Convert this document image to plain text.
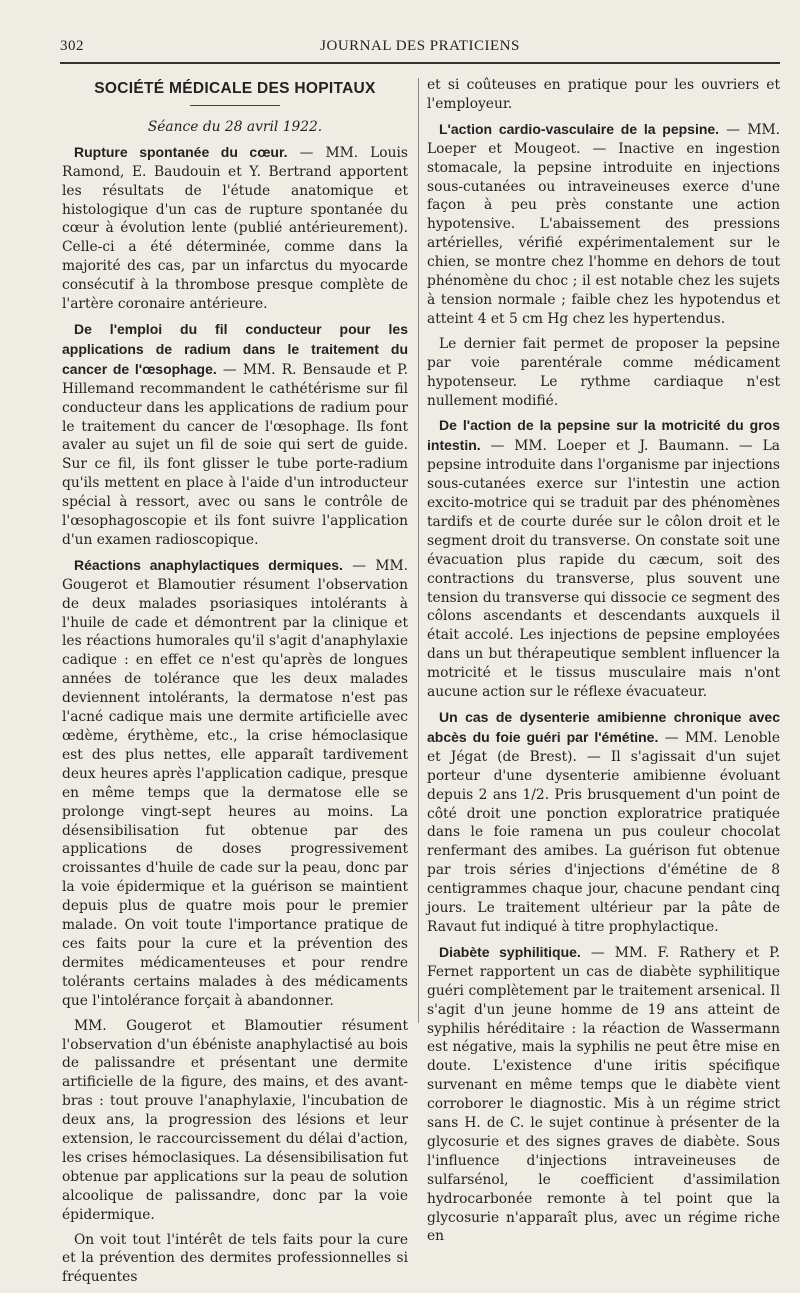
302	JOURNAL DES PRATICIENS
SOCIÉTÉ MÉDICALE DES HOPITAUX
Séance du 28 avril 1922.

Rupture spontanée du cœur. — MM. Louis Ramond, E. Baudouin et Y. Bertrand apportent les résultats de l'étude anatomique et histologique d'un cas de rupture spontanée du cœur à évolution lente (publié antérieurement). Celle-ci a été déterminée, comme dans la majorité des cas, par un infarctus du myocarde consécutif à la thrombose presque complète de l'artère coronaire antérieure.

De l'emploi du fil conducteur pour les applications de radium dans le traitement du cancer de l'œsophage. — MM. R. Bensaude et P. Hillemand recommandent le cathétérisme sur fil conducteur dans les applications de radium pour le traitement du cancer de l'œsophage. Ils font avaler au sujet un fil de soie qui sert de guide. Sur ce fil, ils font glisser le tube porte-radium qu'ils mettent en place à l'aide d'un introducteur spécial à ressort, avec ou sans le contrôle de l'œsophagoscopie et ils font suivre l'application d'un examen radioscopique.

Réactions anaphylactiques dermiques. — MM. Gougerot et Blamoutier résument l'observation de deux malades psoriasiques intolérants à l'huile de cade et démontrent par la clinique et les réactions humorales qu'il s'agit d'anaphylaxie cadique : en effet ce n'est qu'après de longues années de tolérance que les deux malades deviennent intolérants, la dermatose n'est pas l'acné cadique mais une dermite artificielle avec œdème, érythème, etc., la crise hémoclasique est des plus nettes, elle apparaît tardivement deux heures après l'application cadique, presque en même temps que la dermatose elle se prolonge vingt-sept heures au moins. La désensibilisation fut obtenue par des applications de doses progressivement croissantes d'huile de cade sur la peau, donc par la voie épidermique et la guérison se maintient depuis plus de quatre mois pour le premier malade. On voit toute l'importance pratique de ces faits pour la cure et la prévention des dermites médicamenteuses et pour rendre tolérants certains malades à des médicaments que l'intolérance forçait à abandonner.

MM. Gougerot et Blamoutier résument l'observation d'un ébéniste anaphylactisé au bois de palissandre et présentant une dermite artificielle de la figure, des mains, et des avant-bras : tout prouve l'anaphylaxie, l'incubation de deux ans, la progression des lésions et leur extension, le raccourcissement du délai d'action, les crises hémoclasiques. La désensibilisation fut obtenue par applications sur la peau de solution alcoolique de palissandre, donc par la voie épidermique.

On voit tout l'intérêt de tels faits pour la cure et la prévention des dermites professionnelles si fréquentes

et si coûteuses en pratique pour les ouvriers et l'employeur.

L'action cardio-vasculaire de la pepsine. — MM. Loeper et Mougeot. — Inactive en ingestion stomacale, la pepsine introduite en injections sous-cutanées ou intraveineuses exerce d'une façon à peu près constante une action hypotensive. L'abaissement des pressions artérielles, vérifié expérimentalement sur le chien, se montre chez l'homme en dehors de tout phénomène du choc ; il est notable chez les sujets à tension normale ; faible chez les hypotendus et atteint 4 et 5 cm Hg chez les hypertendus.

Le dernier fait permet de proposer la pepsine par voie parentérale comme médicament hypotenseur. Le rythme cardiaque n'est nullement modifié.

De l'action de la pepsine sur la motricité du gros intestin. — MM. Loeper et J. Baumann. — La pepsine introduite dans l'organisme par injections sous-cutanées exerce sur l'intestin une action excito-motrice qui se traduit par des phénomènes tardifs et de courte durée sur le côlon droit et le segment droit du transverse. On constate soit une évacuation plus rapide du cæcum, soit des contractions du transverse, plus souvent une tension du transverse qui dissocie ce segment des côlons ascendants et descendants auxquels il était accolé. Les injections de pepsine employées dans un but thérapeutique semblent influencer la motricité et le tissus musculaire mais n'ont aucune action sur le réflexe évacuateur.

Un cas de dysenterie amibienne chronique avec abcès du foie guéri par l'émétine. — MM. Lenoble et Jégat (de Brest). — Il s'agissait d'un sujet porteur d'une dysenterie amibienne évoluant depuis 2 ans 1/2. Pris brusquement d'un point de côté droit une ponction exploratrice pratiquée dans le foie ramena un pus couleur chocolat renfermant des amibes. La guérison fut obtenue par trois séries d'injections d'émétine de 8 centigrammes chaque jour, chacune pendant cinq jours. Le traitement ultérieur par la pâte de Ravaut fut indiqué à titre prophylactique.

Diabète syphilitique. — MM. F. Rathery et P. Fernet rapportent un cas de diabète syphilitique guéri complètement par le traitement arsenical. Il s'agit d'un jeune homme de 19 ans atteint de syphilis héréditaire : la réaction de Wassermann est négative, mais la syphilis ne peut être mise en doute. L'existence d'une iritis spécifique survenant en même temps que le diabète vient corroborer le diagnostic. Mis à un régime strict sans H. de C. le sujet continue à présenter de la glycosurie et des signes graves de diabète. Sous l'influence d'injections intraveineuses de sulfarsénol, le coefficient d'assimilation hydrocarbonée remonte à tel point que la glycosurie n'apparaît plus, avec un régime riche en
